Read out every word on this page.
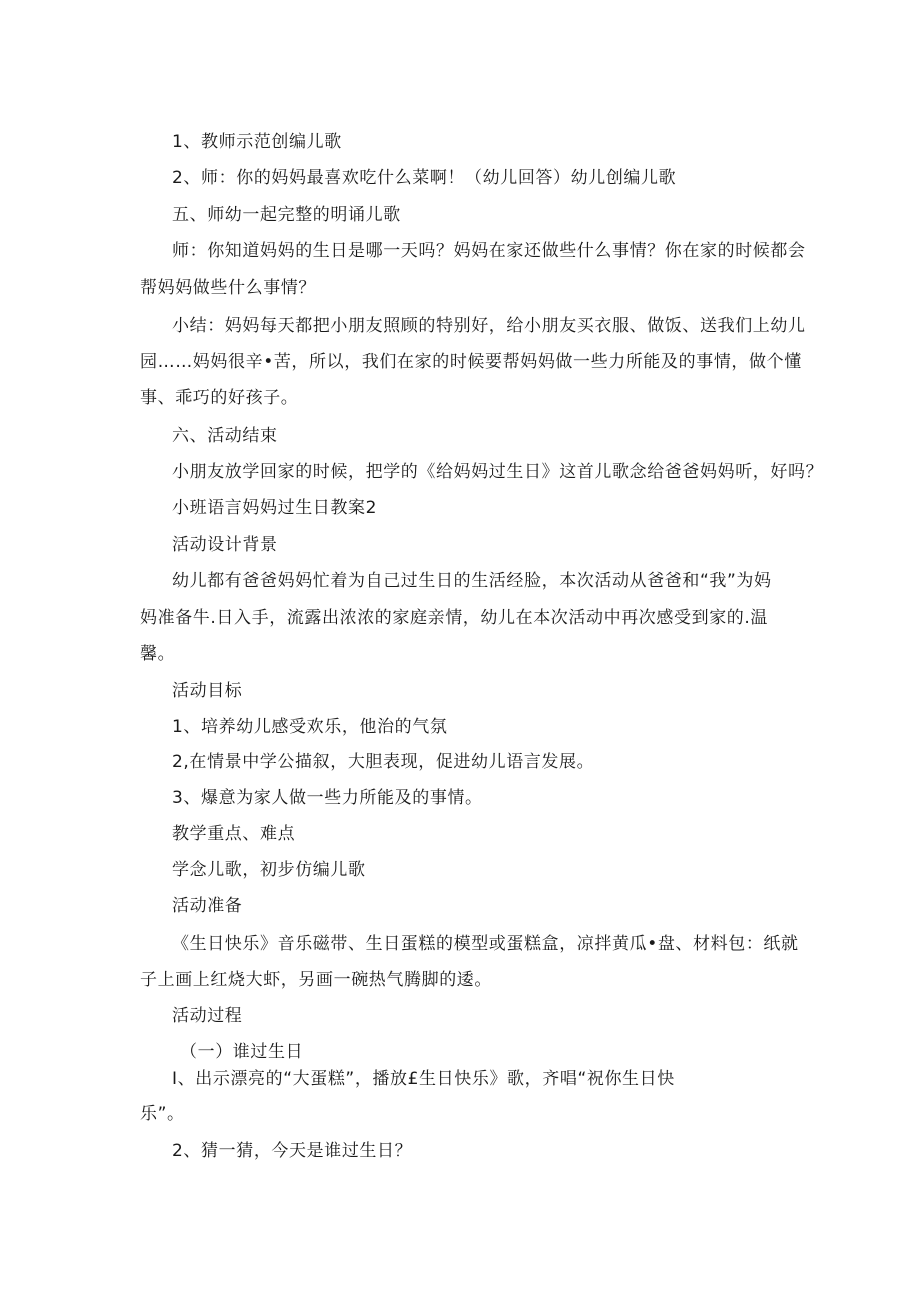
1、教师示范创编儿歌
2、师：你的妈妈最喜欢吃什么菜啊！（幼儿回答）幼儿创编儿歌
五、师幼一起完整的明诵儿歌
师：你知道妈妈的生日是哪一天吗？妈妈在家还做些什么事情？你在家的时候都会
帮妈妈做些什么事情？
小结：妈妈每天都把小朋友照顾的特别好，给小朋友买衣服、做饭、送我们上幼儿
园……妈妈很辛•苦，所以，我们在家的时候要帮妈妈做一些力所能及的事情，做个懂
事、乖巧的好孩子。
六、活动结束
小朋友放学回家的时候，把学的《给妈妈过生日》这首儿歌念给爸爸妈妈听，好吗？
小班语言妈妈过生日教案2
活动设计背景
幼儿都有爸爸妈妈忙着为自己过生日的生活经脸，本次活动从爸爸和“我”为妈
妈准备牛.日入手，流露出浓浓的家庭亲情，幼儿在本次活动中再次感受到家的.温
馨。
活动目标
1、培养幼儿感受欢乐，他治的气氛
2,在情景中学公描叙，大胆表现，促进幼儿语言发展。
3、爆意为家人做一些力所能及的事情。
教学重点、难点
学念儿歌，初步仿编儿歌
活动准备
《生日快乐》音乐磁带、生日蛋糕的模型或蛋糕盒，凉拌黄瓜•盘、材料包：纸就
子上画上红烧大虾，另画一碗热气腾脚的逶。
活动过程
（一）谁过生日
I、出示漂亮的“大蛋糕”，播放£生日快乐》歌，齐唱“祝你生日快
乐”。
2、猜一猜，今天是谁过生日？
